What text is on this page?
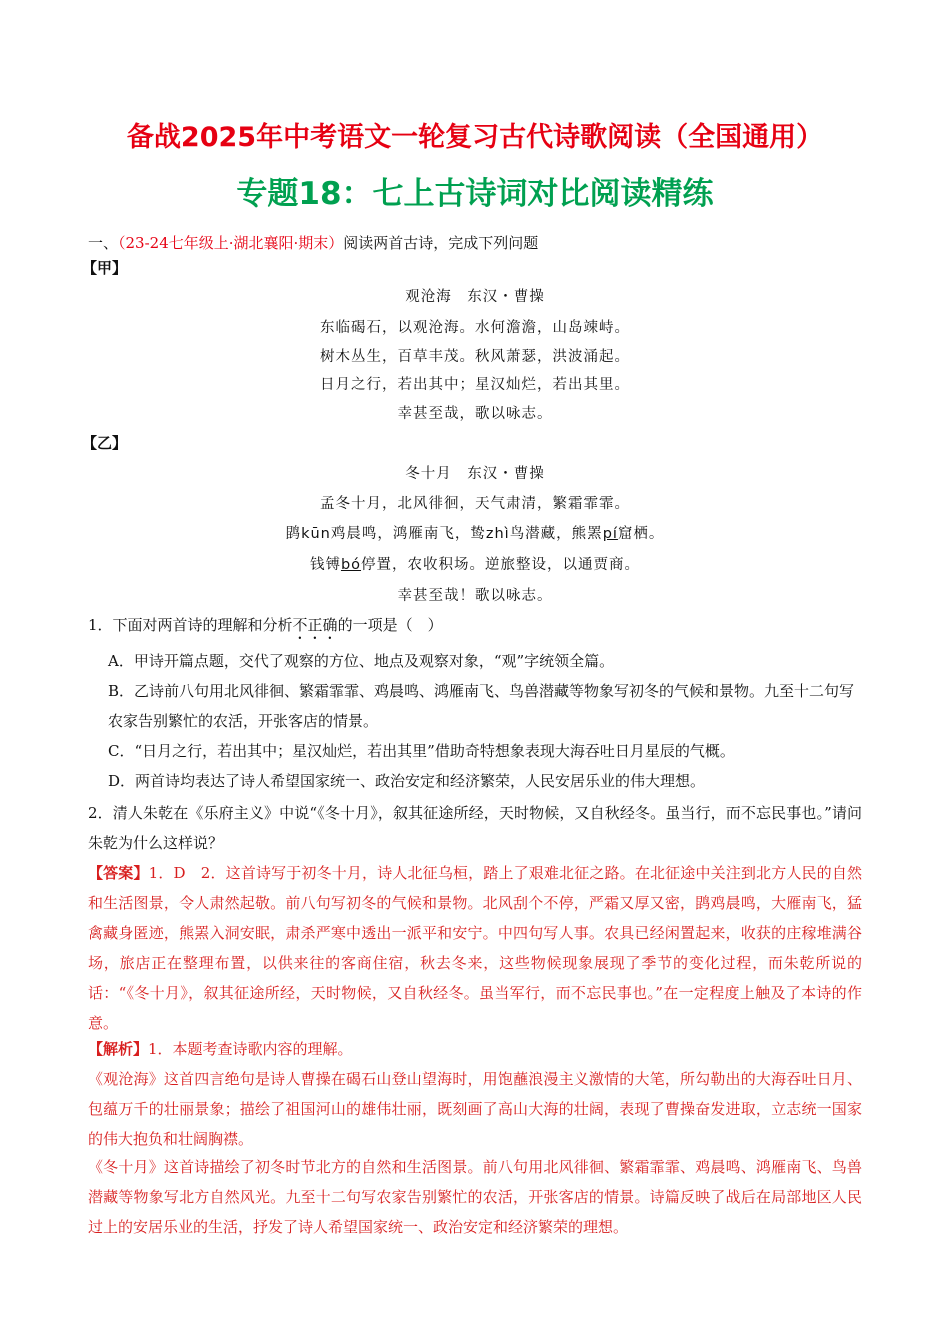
备战2025年中考语文一轮复习古代诗歌阅读（全国通用）
专题18：七上古诗词对比阅读精练
一、（23-24七年级上·湖北襄阳·期末）阅读两首古诗，完成下列问题
【甲】
观沧海　东汉・曹操
东临碣石，以观沧海。水何澹澹，山岛竦峙。
树木丛生，百草丰茂。秋风萧瑟，洪波涌起。
日月之行，若出其中；星汉灿烂，若出其里。
幸甚至哉，歌以咏志。
【乙】
冬十月　东汉・曹操
孟冬十月，北风徘徊，天气肃清，繁霜霏霏。
鹍kūn鸡晨鸣，鸿雁南飞，鸷zhì鸟潜藏，熊罴pí窟栖。
钱镈bó停置，农收积场。逆旅整设，以通贾商。
幸甚至哉！歌以咏志。
1．下面对两首诗的理解和分析不正确的一项是（　）
A．甲诗开篇点题，交代了观察的方位、地点及观察对象，“观”字统领全篇。
B．乙诗前八句用北风徘徊、繁霜霏霏、鸡晨鸣、鸿雁南飞、鸟兽潜藏等物象写初冬的气候和景物。九至十二句写农家告别繁忙的农活，开张客店的情景。
C．“日月之行，若出其中；星汉灿烂，若出其里”借助奇特想象表现大海吞吐日月星辰的气概。
D．两首诗均表达了诗人希望国家统一、政治安定和经济繁荣，人民安居乐业的伟大理想。
2．清人朱乾在《乐府主义》中说“《冬十月》，叙其征途所经，天时物候，又自秋经冬。虽当行，而不忘民事也。”请问朱乾为什么这样说？
【答案】1．D　2．这首诗写于初冬十月，诗人北征乌桓，踏上了艰难北征之路。在北征途中关注到北方人民的自然和生活图景，令人肃然起敬。前八句写初冬的气候和景物。北风刮个不停，严霜又厚又密，鹍鸡晨鸣，大雁南飞，猛禽藏身匿迹，熊罴入洞安眠，肃杀严寒中透出一派平和安宁。中四句写人事。农具已经闲置起来，收获的庄稼堆满谷场，旅店正在整理布置，以供来往的客商住宿，秋去冬来，这些物候现象展现了季节的变化过程，而朱乾所说的话：“《冬十月》，叙其征途所经，天时物候，又自秋经冬。虽当军行，而不忘民事也。”在一定程度上触及了本诗的作意。
【解析】1．本题考查诗歌内容的理解。
《观沧海》这首四言绝句是诗人曹操在碣石山登山望海时，用饱蘸浪漫主义激情的大笔，所勾勒出的大海吞吐日月、包蕴万千的壮丽景象；描绘了祖国河山的雄伟壮丽，既刻画了高山大海的壮阔，表现了曹操奋发进取，立志统一国家的伟大抱负和壮阔胸襟。
《冬十月》这首诗描绘了初冬时节北方的自然和生活图景。前八句用北风徘徊、繁霜霏霏、鸡晨鸣、鸿雁南飞、鸟兽潜藏等物象写北方自然风光。九至十二句写农家告别繁忙的农活，开张客店的情景。诗篇反映了战后在局部地区人民过上的安居乐业的生活，抒发了诗人希望国家统一、政治安定和经济繁荣的理想。
